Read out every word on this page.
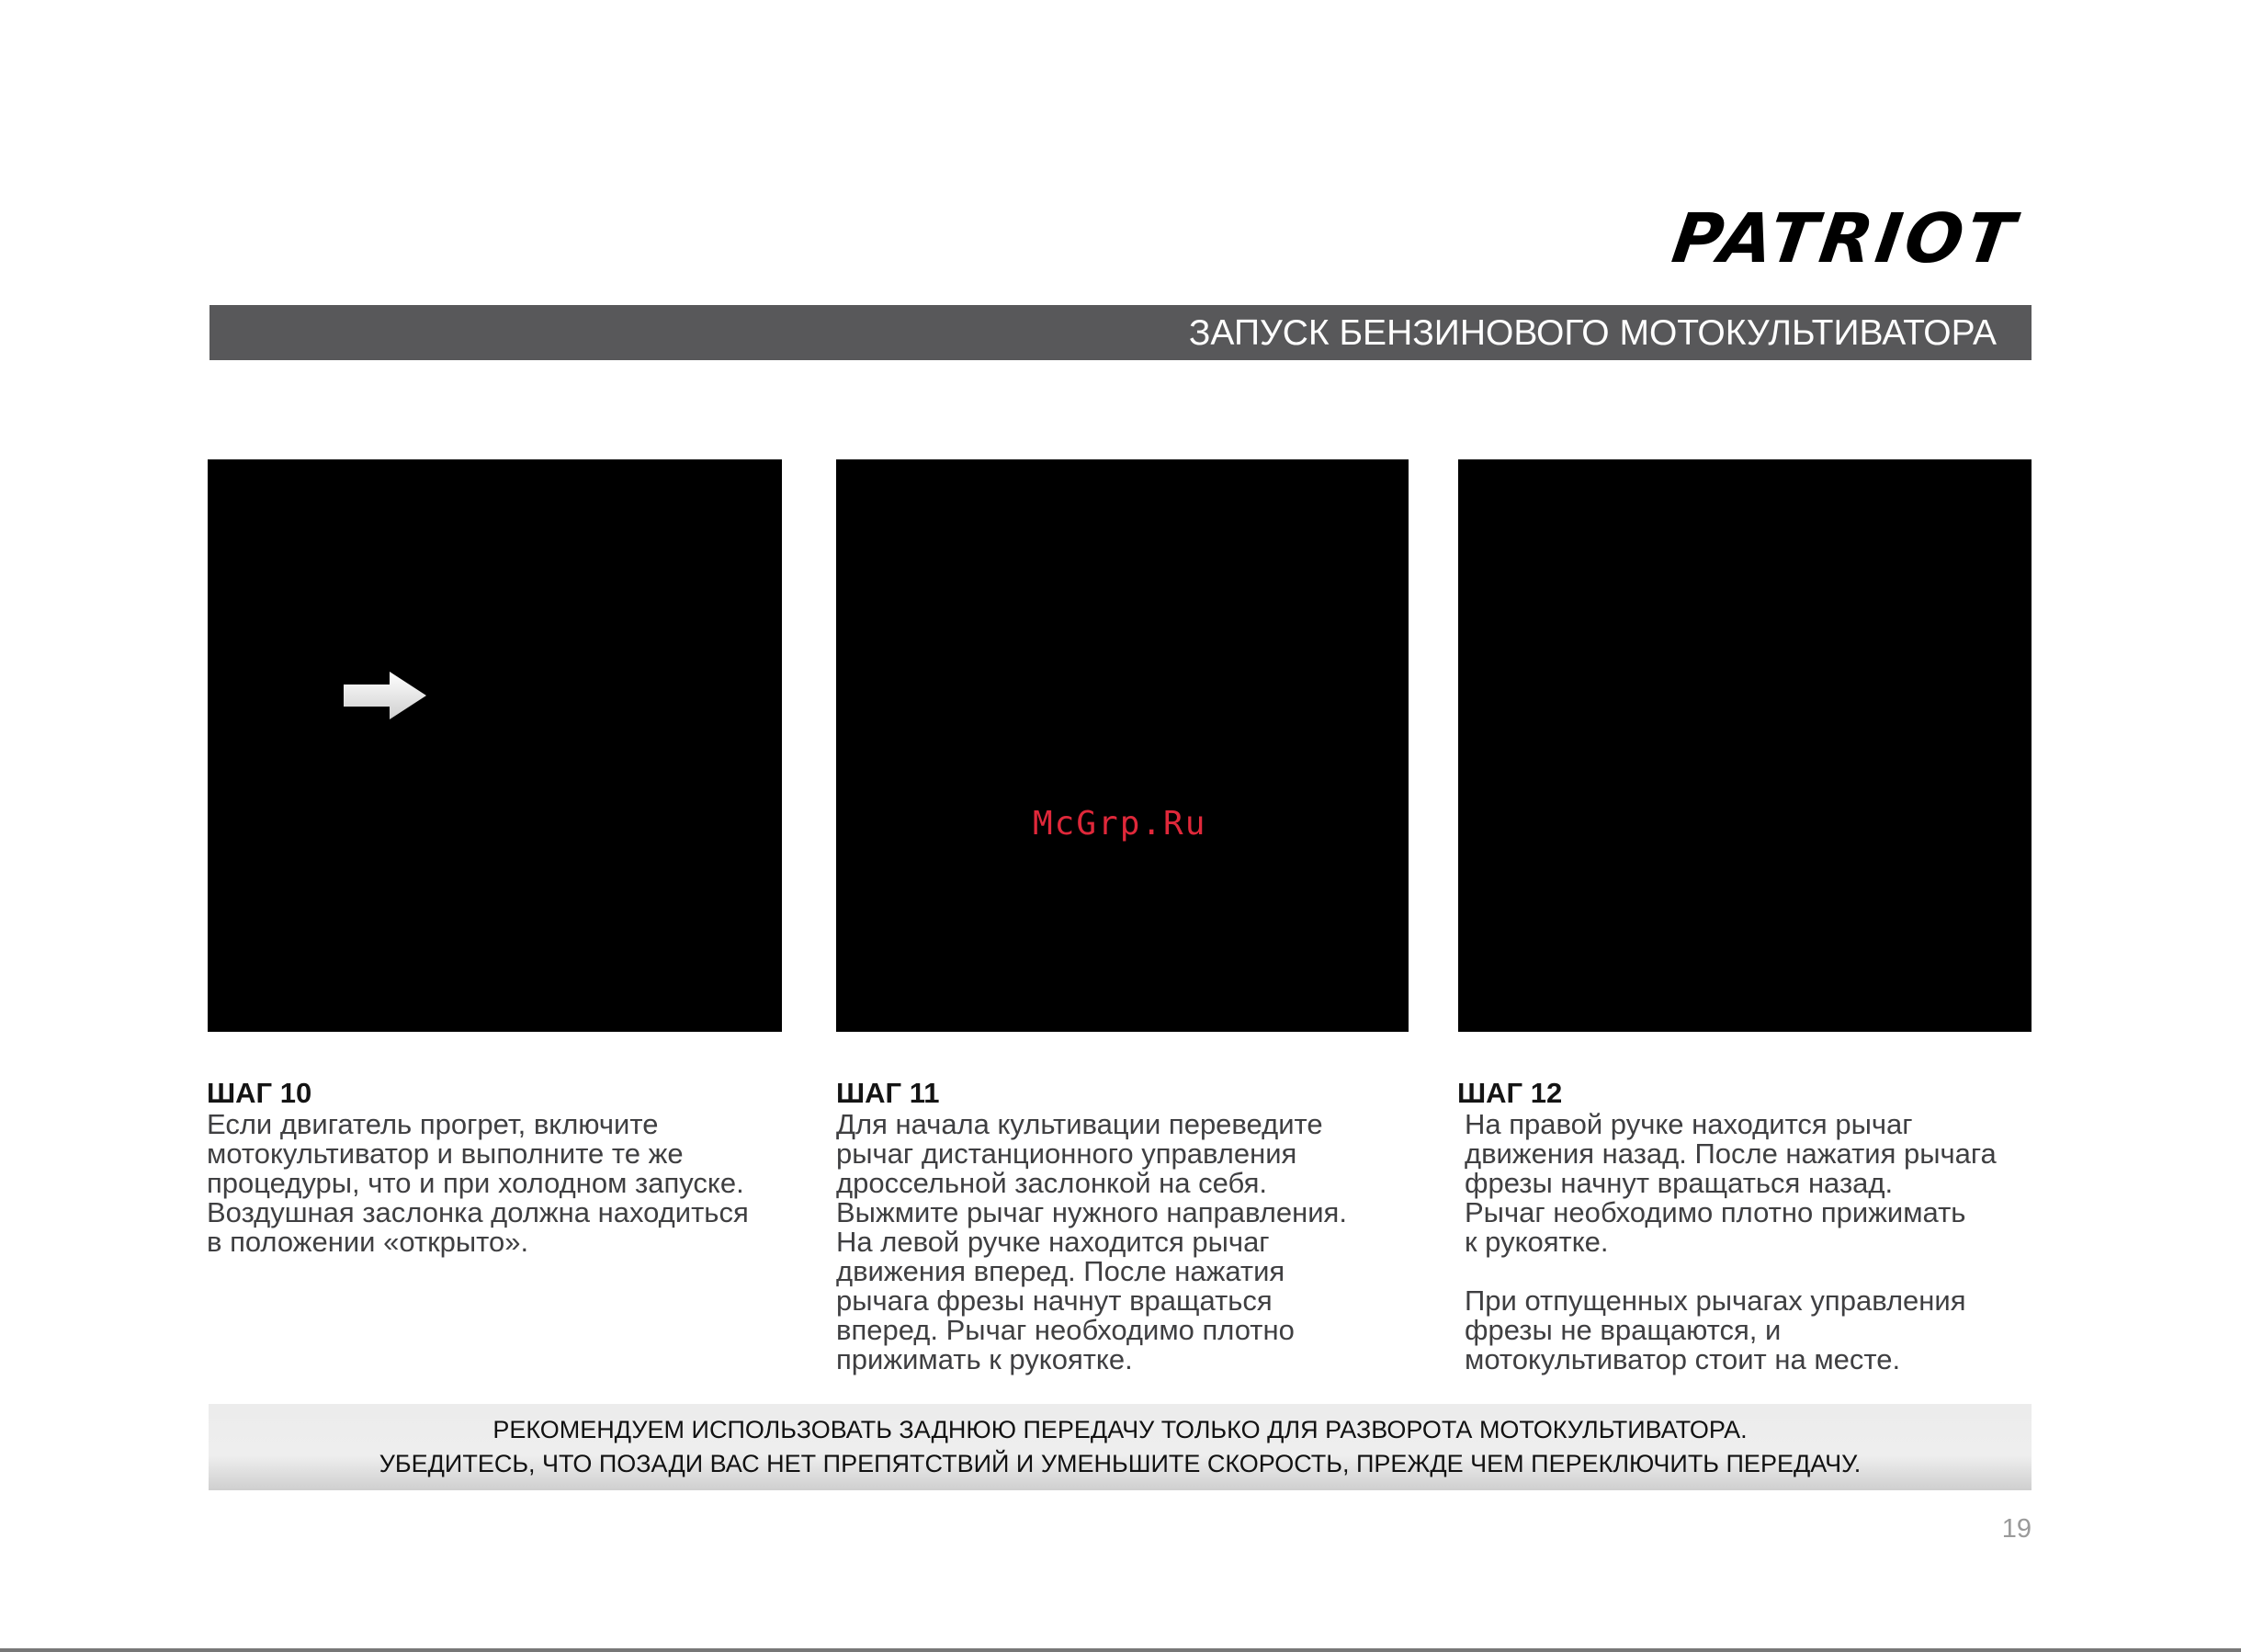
PATRIOT
ЗАПУСК БЕНЗИНОВОГО МОТОКУЛЬТИВАТОРА
McGrp.Ru
ШАГ 10

Если двигатель прогрет, включите
мотокультиватор и выполните те же
процедуры, что и при холодном запуске.
Воздушная заслонка должна находиться
в положении «открыто».

ШАГ 11

Для начала культивации переведите
рычаг дистанционного управления
дроссельной заслонкой на себя.
Выжмите рычаг нужного направления.
На левой ручке находится рычаг
движения вперед. После нажатия
рычага фрезы начнут вращаться
вперед. Рычаг необходимо плотно
прижимать к рукоятке.

ШАГ 12

На правой ручке находится рычаг
движения назад. После нажатия рычага
фрезы начнут вращаться назад.
Рычаг необходимо плотно прижимать
к рукоятке.

При отпущенных рычагах управления
фрезы не вращаются, и
мотокультиватор стоит на месте.

РЕКОМЕНДУЕМ ИСПОЛЬЗОВАТЬ ЗАДНЮЮ ПЕРЕДАЧУ ТОЛЬКО ДЛЯ РАЗВОРОТА МОТОКУЛЬТИВАТОРА.
УБЕДИТЕСЬ, ЧТО ПОЗАДИ ВАС НЕТ ПРЕПЯТСТВИЙ И УМЕНЬШИТЕ СКОРОСТЬ, ПРЕЖДЕ ЧЕМ ПЕРЕКЛЮЧИТЬ ПЕРЕДАЧУ.
19
